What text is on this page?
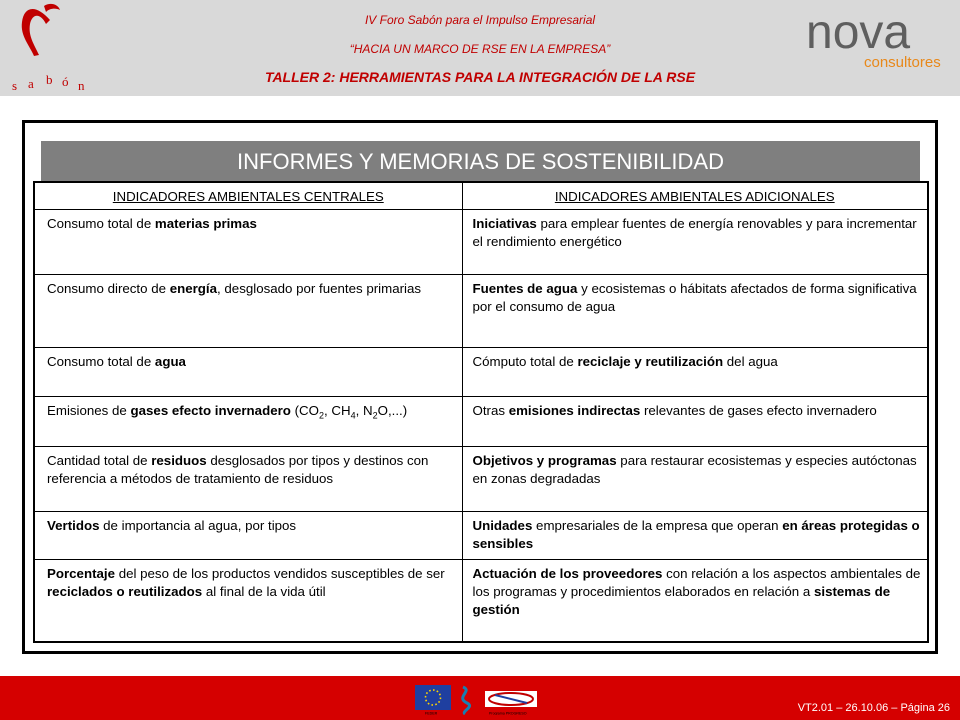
s a b ó n
IV Foro Sabón para el Impulso Empresarial
“HACIA UN MARCO DE RSE EN LA EMPRESA”
TALLER 2: HERRAMIENTAS PARA LA INTEGRACIÓN DE LA RSE
nova
consultores
INFORMES Y MEMORIAS DE SOSTENIBILIDAD
INDICADORES AMBIENTALES CENTRALES	INDICADORES AMBIENTALES ADICIONALES
Consumo total de materias primas	Iniciativas para emplear fuentes de energía renovables y para incrementar el rendimiento energético
Consumo directo de energía, desglosado por fuentes primarias	Fuentes de agua y ecosistemas o hábitats afectados de forma significativa por el consumo de agua
Consumo total de agua	Cómputo total de reciclaje y reutilización del agua
Emisiones de gases efecto invernadero ($CO_2$, $CH_4$, $N_2O$,...)	Otras emisiones indirectas relevantes de gases efecto invernadero
Cantidad total de residuos desglosados por tipos y destinos con referencia a métodos de tratamiento de residuos	Objetivos y programas para restaurar ecosistemas y especies autóctonas en zonas degradadas
Vertidos de importancia al agua, por tipos	Unidades empresariales de la empresa que operan en áreas protegidas o sensibles
Porcentaje del peso de los productos vendidos susceptibles de ser reciclados o reutilizados al final de la vida útil	Actuación de los proveedores con relación a los aspectos ambientales de los programas y procedimientos elaborados en relación a sistemas de gestión
VT2.01 – 26.10.06 – Página 26
FEDER	Programa PROGRESO
